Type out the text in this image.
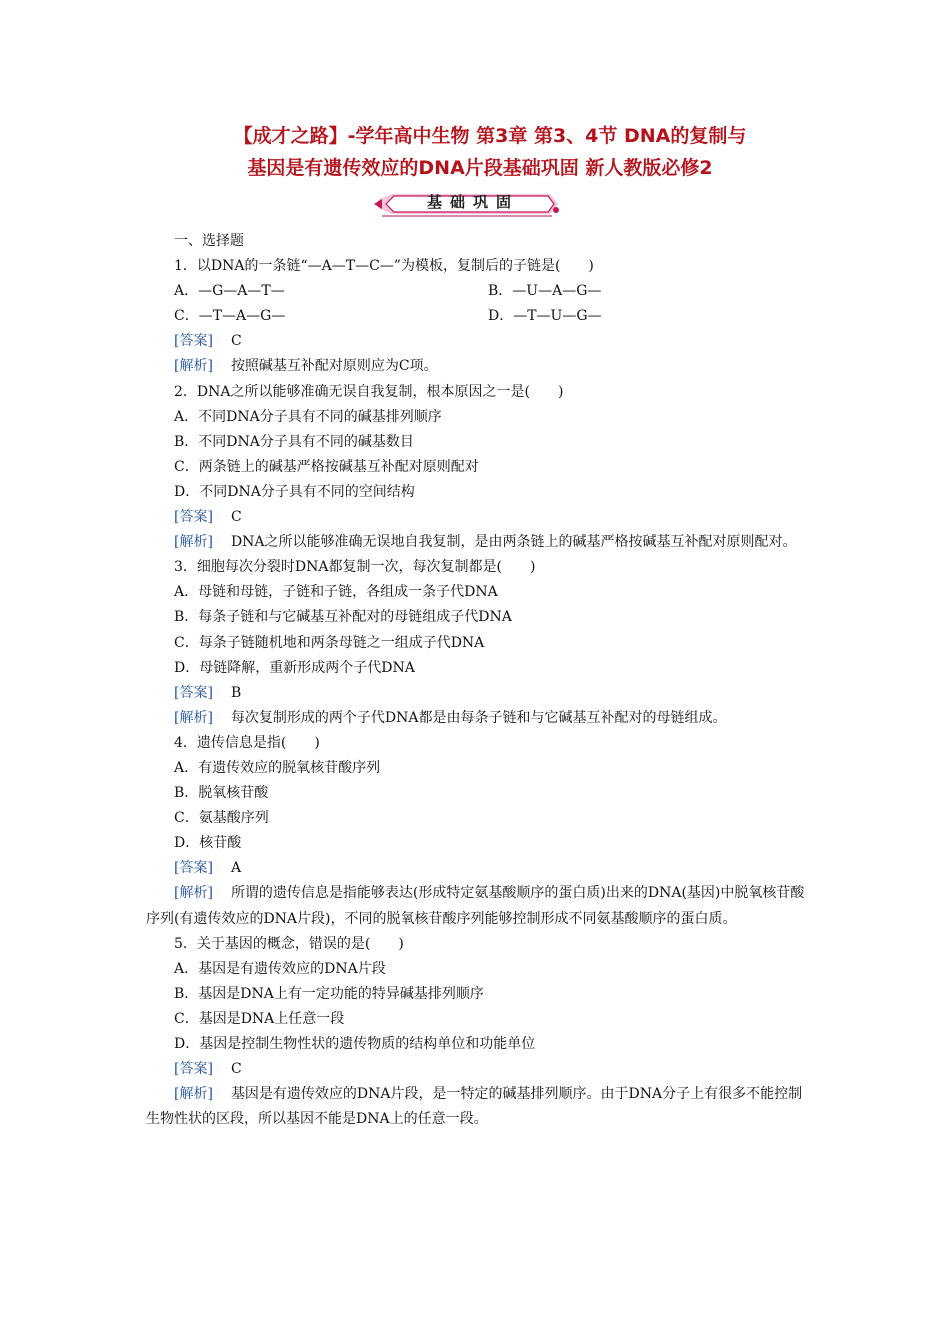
【成才之路】-学年高中生物 第3章 第3、4节 DNA的复制与
基因是有遗传效应的DNA片段基础巩固 新人教版必修2
基础巩固
一、选择题
1．以DNA的一条链“—A—T—C—”为模板，复制后的子链是(　　)
A．—G—A—T—	B．—U—A—G—
C．—T—A—G—	D．—T—U—G—
[答案] C
[解析] 按照碱基互补配对原则应为C项。
2．DNA之所以能够准确无误自我复制，根本原因之一是(　　)
A．不同DNA分子具有不同的碱基排列顺序
B．不同DNA分子具有不同的碱基数目
C．两条链上的碱基严格按碱基互补配对原则配对
D．不同DNA分子具有不同的空间结构
[答案] C
[解析] DNA之所以能够准确无误地自我复制，是由两条链上的碱基严格按碱基互补配对原则配对。
3．细胞每次分裂时DNA都复制一次，每次复制都是(　　)
A．母链和母链，子链和子链，各组成一条子代DNA
B．每条子链和与它碱基互补配对的母链组成子代DNA
C．每条子链随机地和两条母链之一组成子代DNA
D．母链降解，重新形成两个子代DNA
[答案] B
[解析] 每次复制形成的两个子代DNA都是由每条子链和与它碱基互补配对的母链组成。
4．遗传信息是指(　　)
A．有遗传效应的脱氧核苷酸序列
B．脱氧核苷酸
C．氨基酸序列
D．核苷酸
[答案] A
[解析] 所谓的遗传信息是指能够表达(形成特定氨基酸顺序的蛋白质)出来的DNA(基因)中脱氧核苷酸序列(有遗传效应的DNA片段)，不同的脱氧核苷酸序列能够控制形成不同氨基酸顺序的蛋白质。
5．关于基因的概念，错误的是(　　)
A．基因是有遗传效应的DNA片段
B．基因是DNA上有一定功能的特异碱基排列顺序
C．基因是DNA上任意一段
D．基因是控制生物性状的遗传物质的结构单位和功能单位
[答案] C
[解析] 基因是有遗传效应的DNA片段，是一特定的碱基排列顺序。由于DNA分子上有很多不能控制生物性状的区段，所以基因不能是DNA上的任意一段。
